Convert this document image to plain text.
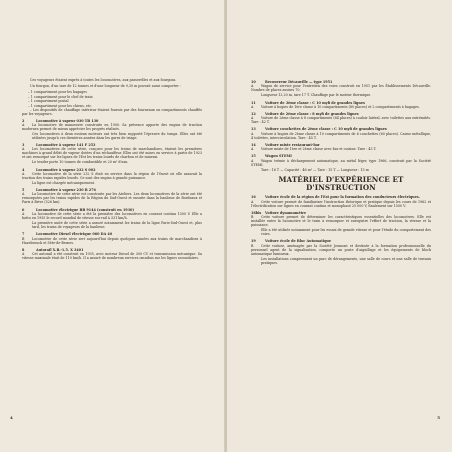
Ces voyageurs étaient exprès à toutes les locomotives, aux passerelles et aux fourgons.

Un fourgon, d'un tare de 12 tonnes et d'une longueur de 9,30 m pouvait aussi comporter :

– 1 compartiment pour les bagages

– 1 compartiment pour le chef de train

– 1 compartiment postal

– 1 compartiment pour les chiens, etc.

– Les dispositifs de chauffage intérieur étaient fournis par des fourneaux ou compartiments chauffés par les voyageurs.

2	Locomotive à vapeur 030 TB 130

A La locomotive de manœuvre construite en 1900. Sa présence apporte des engins de traction modernes permet de mieux apprécier les progrès réalisés.

Ces locomotives à deux essieux moteurs ont très bien supporté l'épreuve du temps. Elles ont été utilisées jusqu'à ces dernières années dans les gares de triage.

3	Locomotive à vapeur 141 F 253

A Les locomotives de cette série, conçues pour les trains de marchandises, étaient les premières machines à grand débit de vapeur dotées d'un réchauffeur. Elles ont été mises en service à partir de 1923 et ont remorqué sur les lignes de l'Est les trains lourds de charbon et de minerai.

Le tender porte 10 tonnes de combustible et 20 m³ d'eau.

4	Locomotive à vapeur 232 S 002

A Cette locomotive de la série 232 S était en service dans la région de l'Ouest où elle assurait la traction des trains rapides lourds. Ce sont des engins à grande puissance.

La ligne est chargée mécaniquement.

5	Locomotive à vapeur 230 B 276

A La locomotive de cette série est construite par les Ateliers. Les deux locomotives de la série ont été remorquées par les trains rapides de la Région du Sud-Ouest et ensuite dans la banlieue de Bordeaux et Paris à Brive (526 km).

6	Locomotive électrique BB 9144 (construit en 1930)

A La locomotive de cette série a été la première des locomotives en courant continu 1500 V. Elle a battu en 1955 le record mondial de vitesse sur rail à 331 km/h.

La première unité de cette série a assuré notamment les trains de la ligne Paris-Sud-Ouest et, plus tard, les trains de voyageurs de la banlieue.

7	Locomotive Diesel électrique 060 DA 40

B Locomotive de cette série sert aujourd'hui depuis quelques années aux trains de marchandises à Hazebrouck et Sète-de-Bernes.

8	Autorail X.B.-1.5. X 3401

A Cet autorail a été construit en 1935, avec moteur Diesel de 300 CV et transmission mécanique. Sa vitesse maximale était de 110 km/h. Il a assuré de nombreux services omnibus sur les lignes secondaires.

4
10	Recouvreur Décauville — type 1951

A Wagon de service pour l'entretien des voies construit en 1951 par les Établissements Décauville. Nombre de places assises 70.

Longueur 12,20 m, tare 17 T. Chauffage par le moteur thermique.

11	Voiture de 3ème classe : C 10 myfi de grandes lignes

A Voiture à bogies de 1ère classe à 10 compartiments (80 places) et 2 compartiments à bagages.

12	Voiture de 2ème classe : 8 myfi de grandes lignes

A Voiture de 2ème classe à 8 compartiments (64 places) à couloir latéral, avec toilettes aux extrémités. Tare : 42 T.

13	Voiture couchettes de 2ème classe : C 10 myfi de grandes lignes

A Voiture à bogies de 2ème classe à 10 compartiments de 6 couchettes (60 places). Caisse métallique, 4 toilettes, intercirculation. Tare : 45 T.

14	Voiture mixte restaurant-bar

A Voiture mixte de 1ère et 2ème classe avec bar et cuisine. Tare : 43 T.

15	Wagon STEMI

A Wagon trémie à déchargement automatique, au métal léger, type 1966, construit par la Société STEMI.

Tare : 16 T — Capacité : 46 m³ — Tare : 15 T — Longueur : 15 m

MATÉRIEL D'EXPÉRIENCE ET D'INSTRUCTION
16	Voiture école de la région de l'Est pour la formation des conducteurs électriques.

A Cette voiture permet de familiariser l'instruction théorique et pratique depuis les cours de 1962 et l'électrification sur lignes en courant continu et monophasé 25 000 V, finalement sur 1500 V.

18bis	Voiture dynamomètre

B Cette voiture permet de déterminer les caractéristiques essentielles des locomotives. Elle est installée entre la locomotive et le train à remorquer et enregistre l'effort de traction, la vitesse et la puissance.

Elle a été utilisée notamment pour les essais de grande vitesse et pour l'étude du comportement des voies.

19	Voiture école de Bloc Automatique

B Cette voiture, aménagée par la Société Jeumont et destinée à la formation professionnelle du personnel agent de la signalisation, comporte un poste d'aiguillage et les équipements de block automatique lumineux.

Les installations comprennent un parc de dérangements, une salle de cours et une salle de travaux pratiques.

5
